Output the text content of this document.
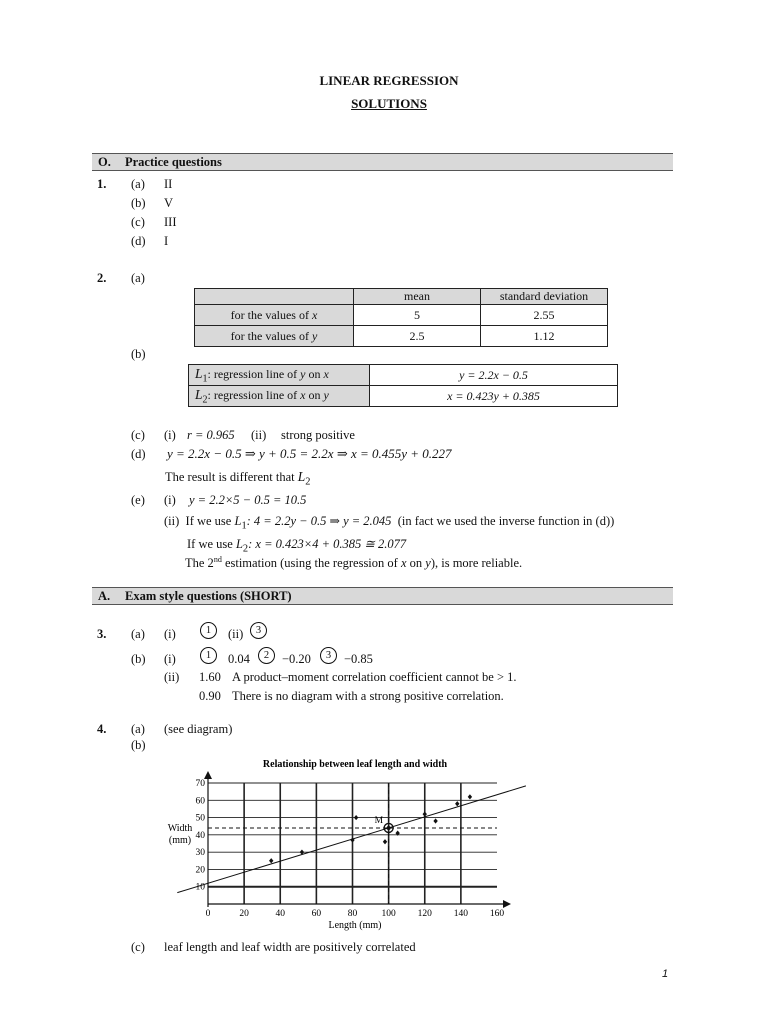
LINEAR REGRESSION
SOLUTIONS
O. Practice questions
1. (a) II
(b) V
(c) III
(d) I
2. (a)
	mean	standard deviation
for the values of x	5	2.55
for the values of y	2.5	1.12
(b)
$L_1$: regression line of y on x	y = 2.2x − 0.5
$L_2$: regression line of x on y	x = 0.423y + 0.385
(c) (i) r = 0.965 (ii) strong positive
(d) y = 2.2x − 0.5 ⇒ y + 0.5 = 2.2x ⇒ x = 0.455y + 0.227
The result is different that $L_2$
(e) (i) y = 2.2×5 − 0.5 = 10.5
(ii) If we use $L_1$: 4 = 2.2y − 0.5 ⇒ y = 2.045 (in fact we used the inverse function in (d))
If we use $L_2$: x = 0.423×4 + 0.385 ≅ 2.077
The 2nd estimation (using the regression of x on y), is more reliable.
A. Exam style questions (SHORT)
3. (a) (i)	1	(ii)	3
(b) (i)	1	0.04	2	−0.20	3	−0.85
(ii) 1.60 A product–moment correlation coefficient cannot be > 1.
0.90 There is no diagram with a strong positive correlation.
4. (a) (see diagram)
(b)
Relationship between leaf length and width
Width
(mm)
Length (mm)
0	20	40	60	80	100 120 140 160
10
20
30
40
50
60
70
M
(c) leaf length and leaf width are positively correlated
1
